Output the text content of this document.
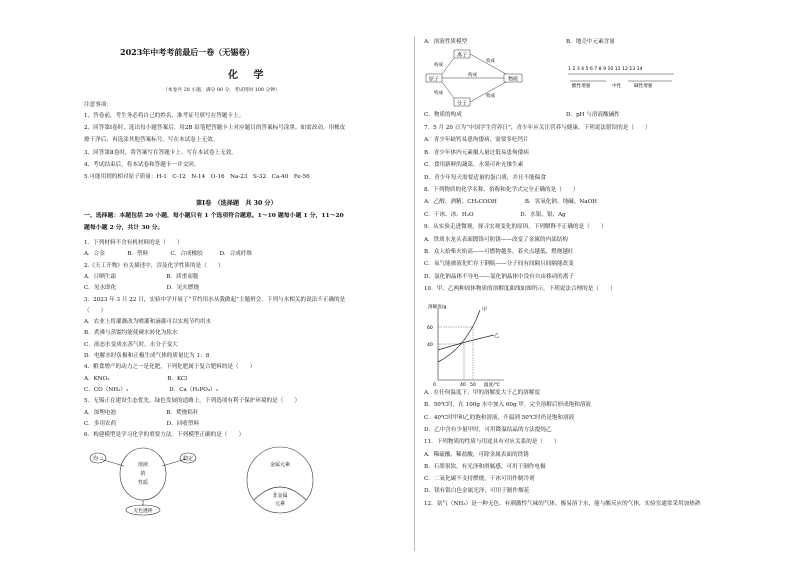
2023年中考考前最后一卷（无锡卷）
化 学
（本卷共 28 小题，满分 80 分，考试用时 100 分钟）
注意事项：
1、答卷前，考生务必将自己的姓名、准考证号填写在答题卡上。
2、回答第Ⅰ卷时，选出每小题答案后，用2B 铅笔把答题卡上对应题目的答案标号涂黑。如需改动，用橡皮
擦干净后，再选涂其他答案标号。写在本试卷上无效。
3、回答第Ⅱ卷时，将答案写在答题卡上。写在本试卷上无效。
4、考试结束后，将本试卷和答题卡一并交回。
5.可能用到的相对原子质量：H-1　C-12　N-14　O-16　Na-23　S-32　Ca-40　Fe-56
第Ⅰ卷　（选择题　共 30 分）
一、选择题：本题包括 20 小题，每小题只有 1 个选项符合题意。1～10 题每小题 1 分，11～20
题每小题 2 分，共计 30 分。
1．下列材料不含有机材料的是（　　）
A．合金　　　　B．塑料　　　　C．合成橡胶　　　D．合成纤维
2.《天工开物》有关描述中，涉及化学性质的是（　　）
A．日晒生霜　　　　　　　　　B．质重而脆
C．见水即化　　　　　　　　　D．见火燃烧
3．2023 年 3 月 22 日，实验中学开展了“节约用水从我做起”主题班会。下列与水相关的说法不正确的是
（　　）
A．农业上将灌溉改为喷灌和滴灌可以实现节约用水
B．煮沸与蒸馏均能使硬水转化为软水
C．液态水变成水蒸气时，水分子变大
D．电解水时负极和正极生成气体的质量比为 1：8
4．粮食增产的动力之一是化肥。下列化肥属于复合肥料的是（　　）
A．KNO₃　　　　　　　　　　 B．KCl
C．CO（NH₂）₂　　　　　　　 D．Ca（H₂PO₄）₂
5．无锡正在建设生态优先，绿色发展的道路上。下列选项有利于保护环境的是（　　）
A．深埋电池　　　　　　　　　B．焚烧秸秆
C．多用农药　　　　　　　　　D．回收塑料
6．构建模型是学习化学的重要方法。下列模型正确的是（　　）
均一	稳定
溶液
的
性质
无色透明
金属元素
非金属
元素
A．溶液性质模型	B．地壳中元素含量
离子
原子	物质
分子
构成
构成
构成
构成
构成
1 2 3 4 5 6 7 8 9 10 11 12 13 14
酸性增强	中性	碱性增强
C．物质的构成	D．pH 与溶液酸碱性
7．5 月 20 日为“中国学生营养日”，青少年应关注营养与健康。下列说法错误的是（　　）
A．青少年缺钙易患佝偻病，需要多吃钙片
B．青少年体内元素摄入量过低易患佝偻病
C．食用新鲜的蔬菜，水果可补充维生素
D．青少年每天需要适量的蛋白质，并且不能偏食
8．下列物质的化学名称、俗称和化学式完全正确的是（　　）
A．乙醇、酒精、CH₃COOH　　　　　B．氢氧化钠、纯碱、NaOH
C．干冰、冰、H₂O　　　　　　　　 D．水银、银、Ag
9．从实验走进微观，探寻宏观变化的原因。下列解释不正确的是（　　）
A．铁质水龙头表面镀铬可防锈——改变了金属的内部结构
B．众人拾柴火焰高——可燃物越多，着火点越低，燃烧越旺
C．氧气能被液化贮存于钢瓶——分子间有间隔且间隔能改变
D．氯化钠晶体不导电——氯化钠晶体中没有自由移动的离子
10．甲、乙两种固体物质的溶解度曲线如图所示。下列说法合理的是（　　）
溶解度/g
60
40
0	40 50 温度/℃
甲
乙
A．在任何温度下，甲的溶解度大于乙的溶解度
B．50℃时，在 100g 水中加入 60g 甲，完全溶解后形成饱和溶液
C．40℃时甲和乙的饱和溶液，升温到 50℃时仍是饱和溶液
D．乙中含有少量甲时，可用降温结晶的方法提纯乙
11．下列物质的性质与用途具有对应关系的是（　　）
A．稀硫酸、稀盐酸，可除金属表面的铁锈
B．石墨很软，有光泽和滑腻感，可用于制作电极
C．二氧化碳不支持燃烧，干冰可用作制冷剂
D．镁有银白色金属光泽，可用于制作烟花
12．氨气（NH₃）是一种无色、有刺激性气味的气体，极易溶于水，能与酸反应的气体，实验室通常采用加热熟
